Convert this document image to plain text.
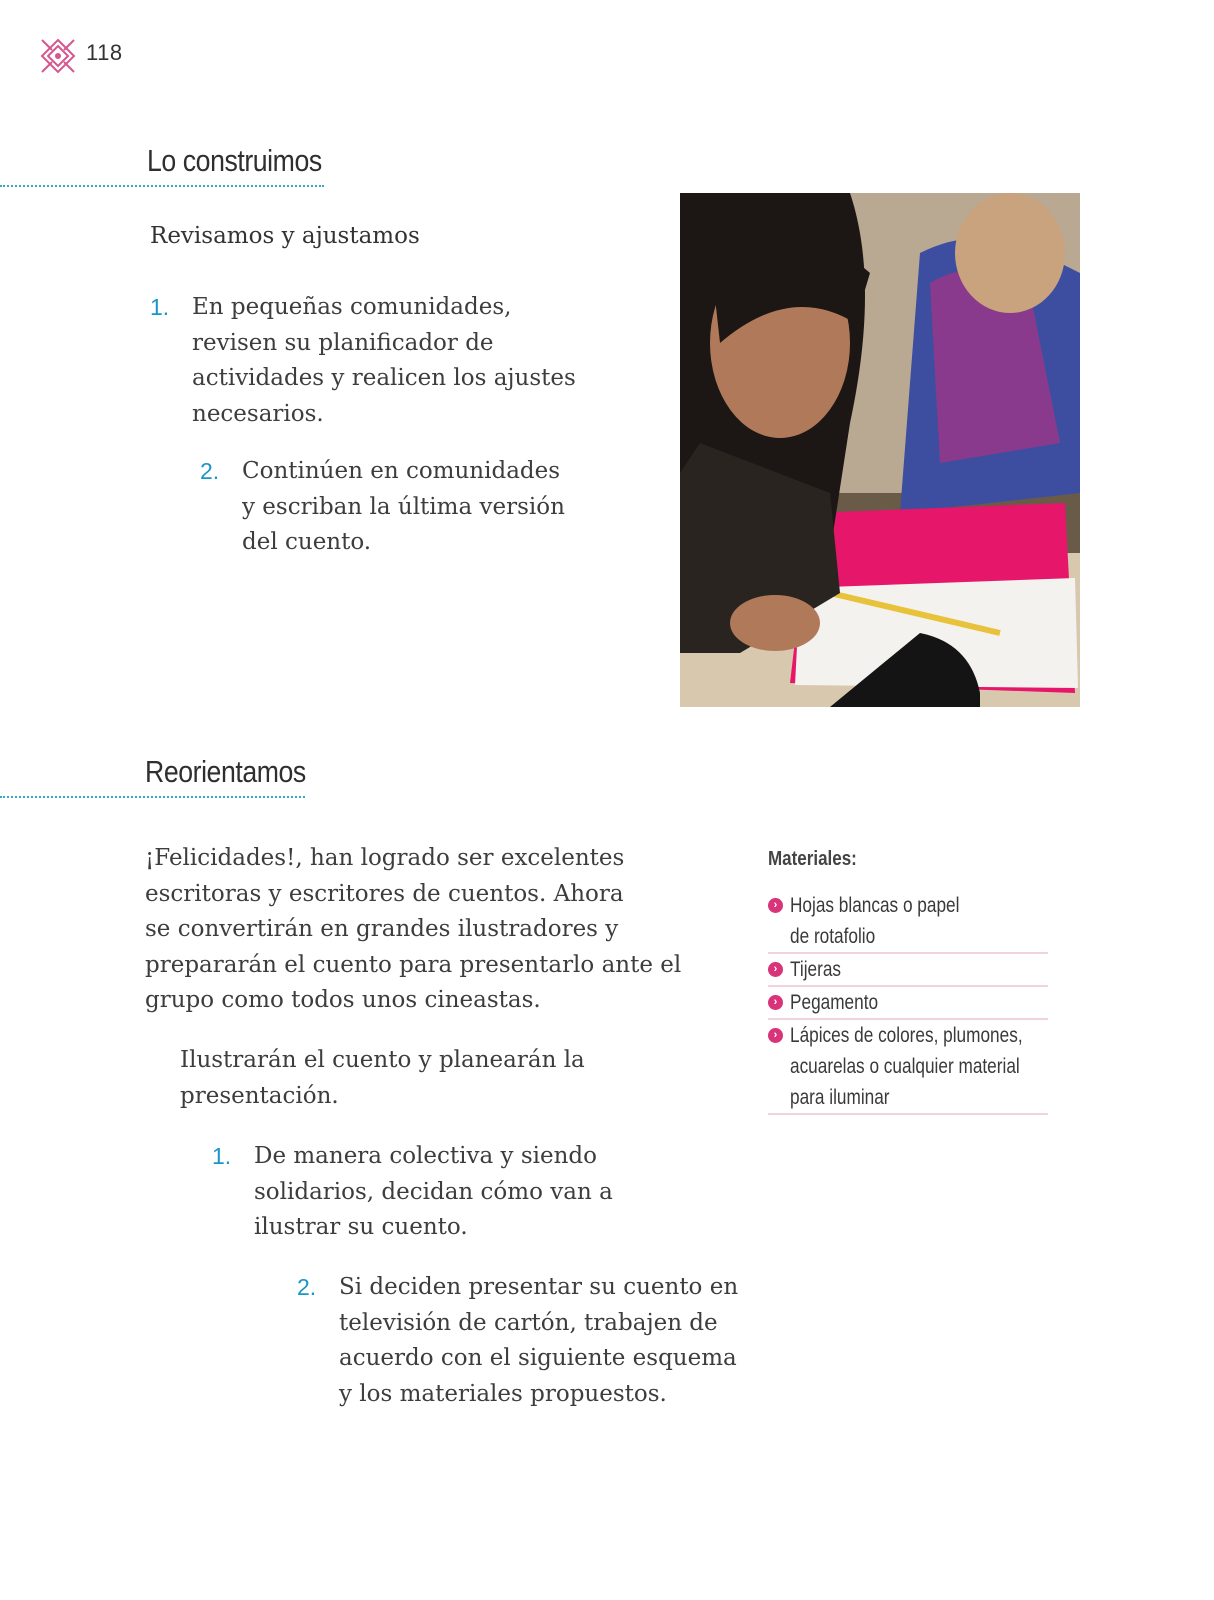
118
Lo construimos
Revisamos y ajustamos
1. En pequeñas comunidades,
revisen su planificador de
actividades y realicen los ajustes
necesarios.
2. Continúen en comunidades
y escriban la última versión
del cuento.
Reorientamos
¡Felicidades!, han logrado ser excelentes
escritoras y escritores de cuentos. Ahora
se convertirán en grandes ilustradores y
prepararán el cuento para presentarlo ante el
grupo como todos unos cineastas.
Ilustrarán el cuento y planearán la
presentación.
1. De manera colectiva y siendo
solidarios, decidan cómo van a
ilustrar su cuento.
2. Si deciden presentar su cuento en
televisión de cartón, trabajen de
acuerdo con el siguiente esquema
y los materiales propuestos.
Materiales:
› Hojas blancas o papel
de rotafolio
› Tijeras
› Pegamento
› Lápices de colores, plumones,
acuarelas o cualquier material
para iluminar
